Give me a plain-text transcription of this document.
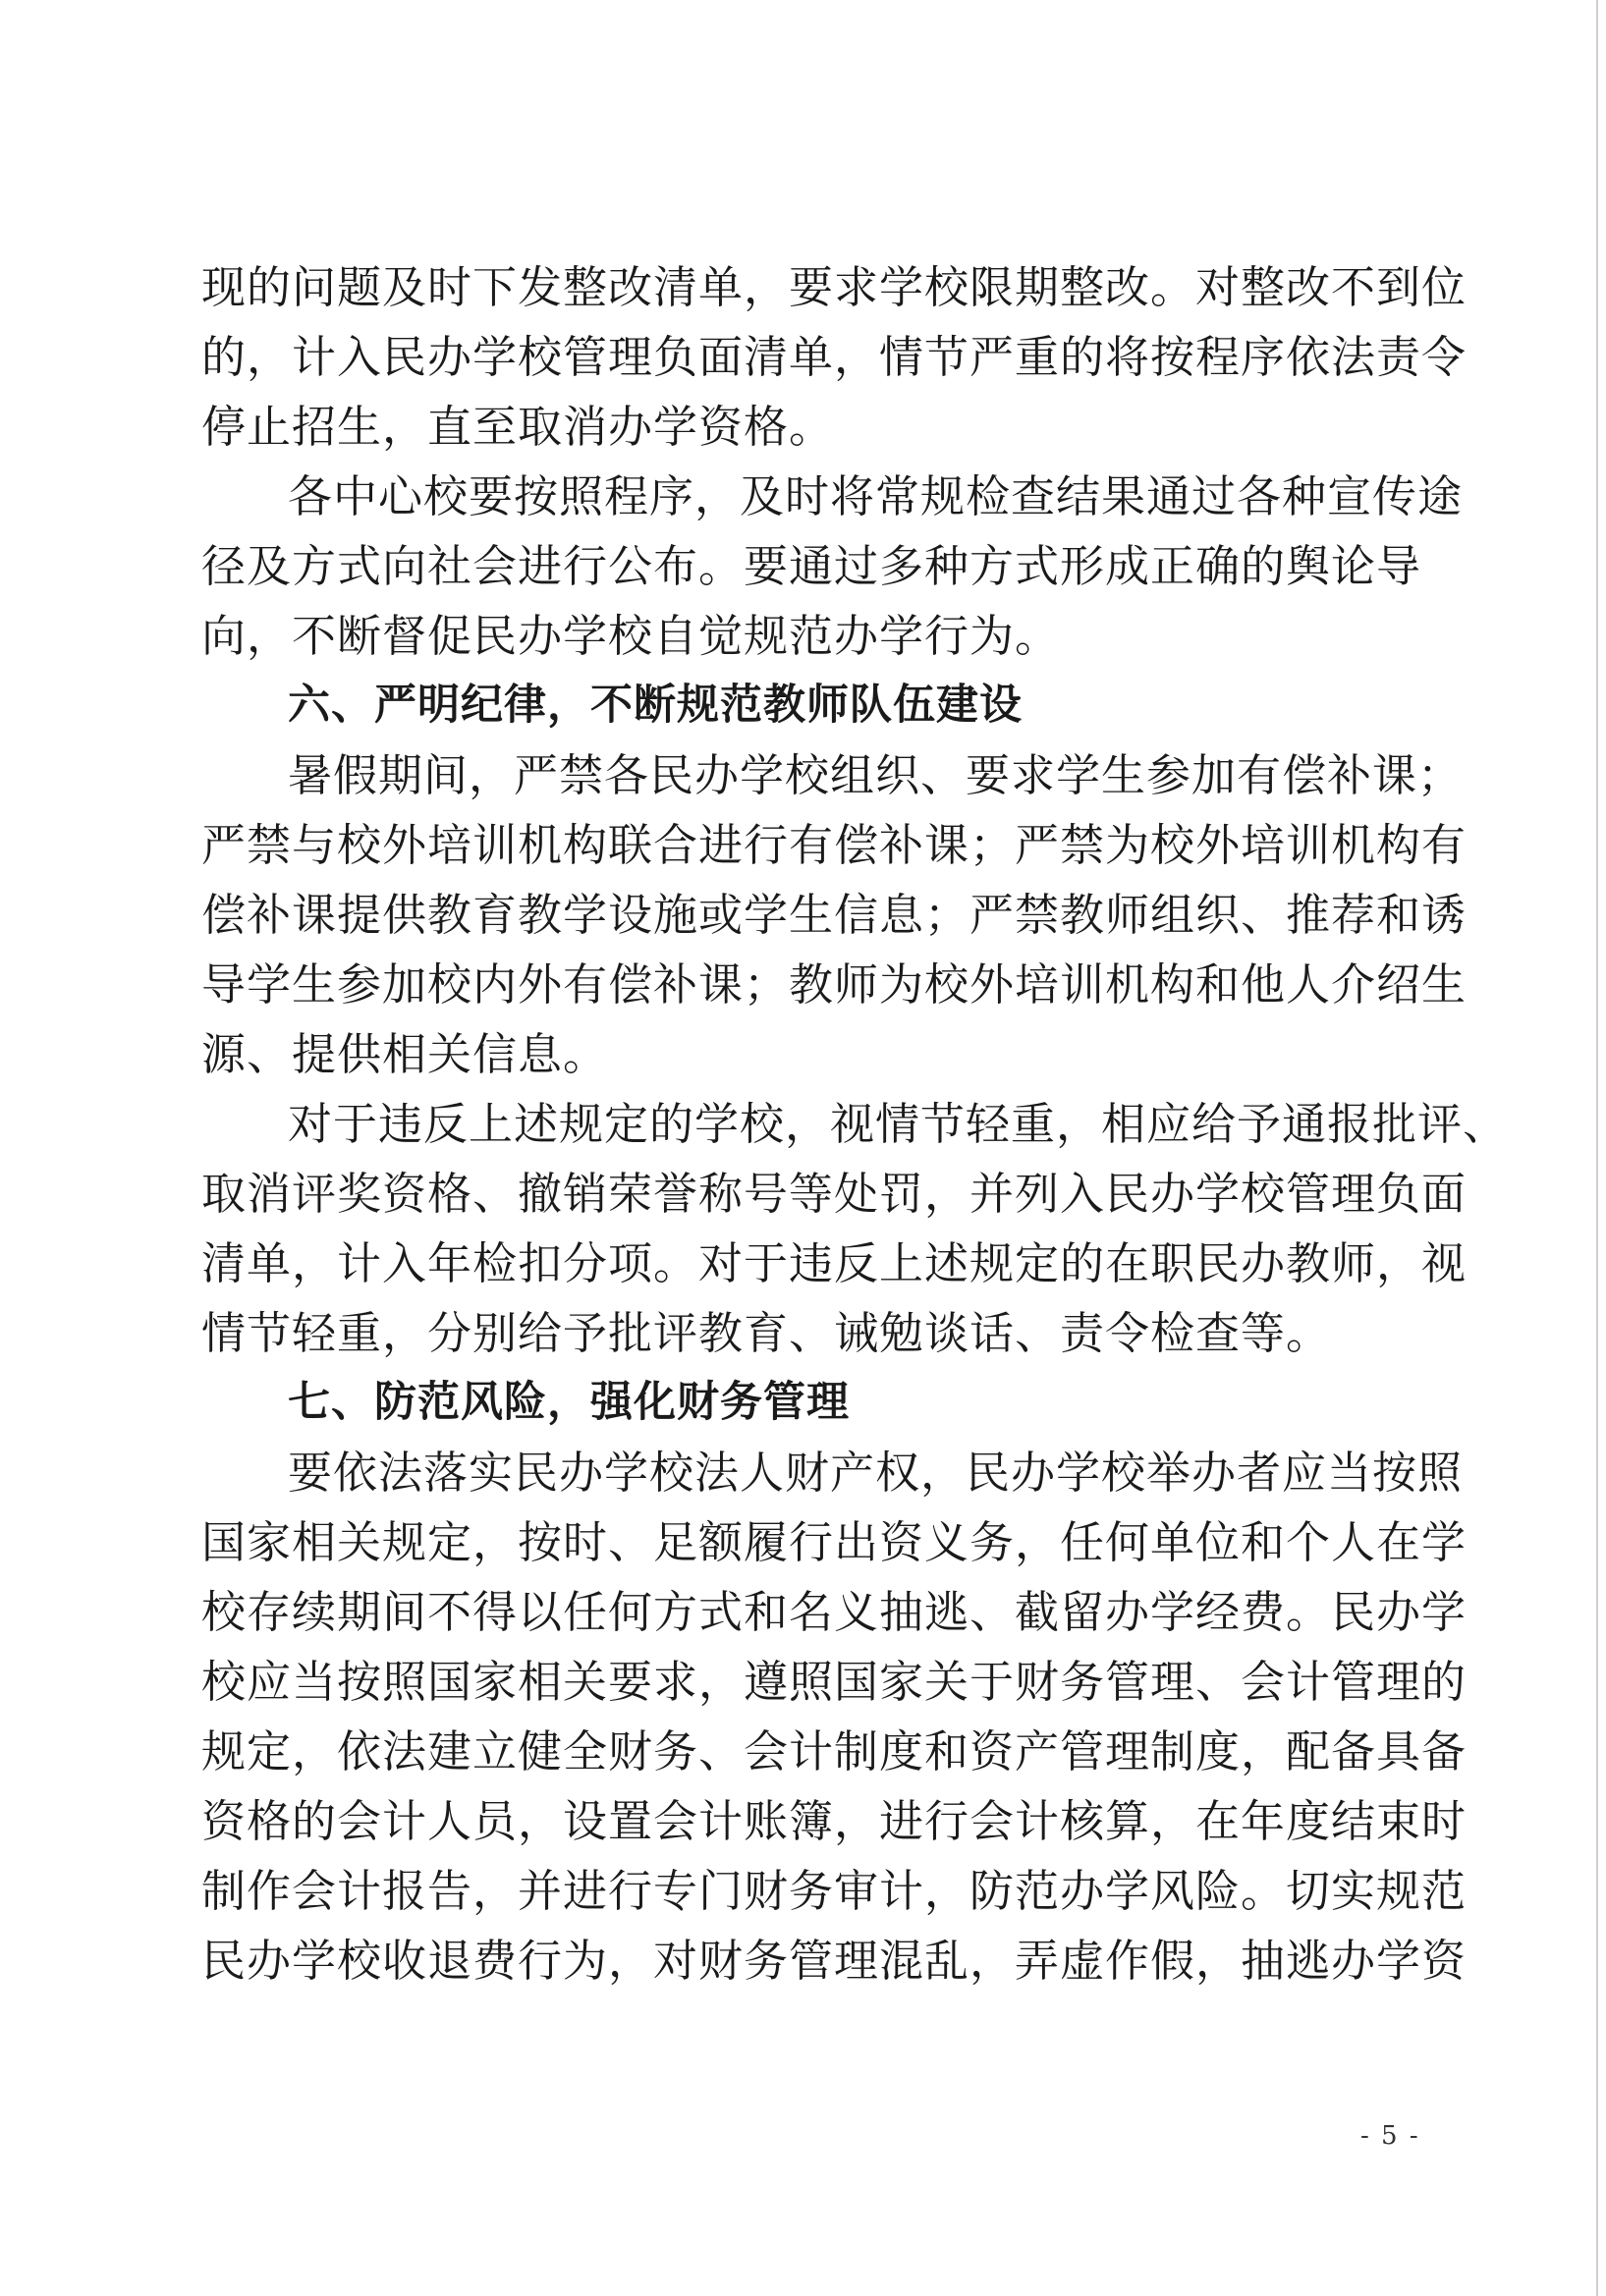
现的问题及时下发整改清单，要求学校限期整改。对整改不到位
的，计入民办学校管理负面清单，情节严重的将按程序依法责令
停止招生，直至取消办学资格。
各中心校要按照程序，及时将常规检查结果通过各种宣传途
径及方式向社会进行公布。要通过多种方式形成正确的舆论导
向，不断督促民办学校自觉规范办学行为。
六、严明纪律，不断规范教师队伍建设
暑假期间，严禁各民办学校组织、要求学生参加有偿补课；
严禁与校外培训机构联合进行有偿补课；严禁为校外培训机构有
偿补课提供教育教学设施或学生信息；严禁教师组织、推荐和诱
导学生参加校内外有偿补课；教师为校外培训机构和他人介绍生
源、提供相关信息。
对于违反上述规定的学校，视情节轻重，相应给予通报批评、
取消评奖资格、撤销荣誉称号等处罚，并列入民办学校管理负面
清单，计入年检扣分项。对于违反上述规定的在职民办教师，视
情节轻重，分别给予批评教育、诫勉谈话、责令检查等。
七、防范风险，强化财务管理
要依法落实民办学校法人财产权，民办学校举办者应当按照
国家相关规定，按时、足额履行出资义务，任何单位和个人在学
校存续期间不得以任何方式和名义抽逃、截留办学经费。民办学
校应当按照国家相关要求，遵照国家关于财务管理、会计管理的
规定，依法建立健全财务、会计制度和资产管理制度，配备具备
资格的会计人员，设置会计账簿，进行会计核算，在年度结束时
制作会计报告，并进行专门财务审计，防范办学风险。切实规范
民办学校收退费行为，对财务管理混乱，弄虚作假，抽逃办学资
- 5 -
